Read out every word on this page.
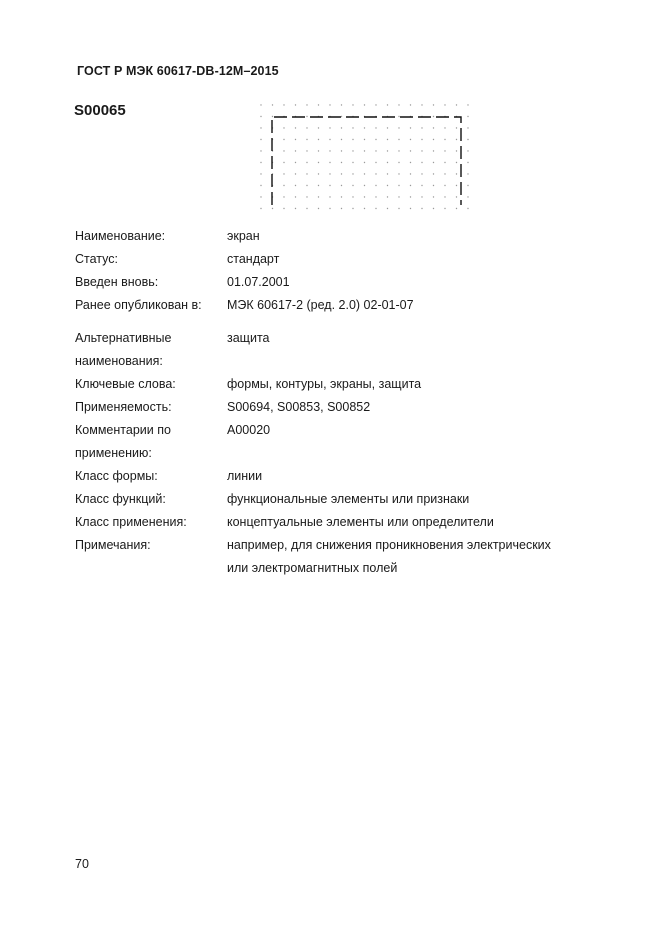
ГОСТ Р МЭК 60617-DB-12M–2015
S00065
Наименование:	экран
Статус:	стандарт
Введен вновь:	01.07.2001
Ранее опубликован в:	МЭК 60617-2 (ред. 2.0) 02-01-07
Альтернативные	защита
наименования:
Ключевые слова:	формы, контуры, экраны, защита
Применяемость:	S00694, S00853, S00852
Комментарии по	A00020
применению:
Класс формы:	линии
Класс функций:	функциональные элементы или признаки
Класс применения:	концептуальные элементы или определители
Примечания:	например, для снижения проникновения электрических
или электромагнитных полей
70
